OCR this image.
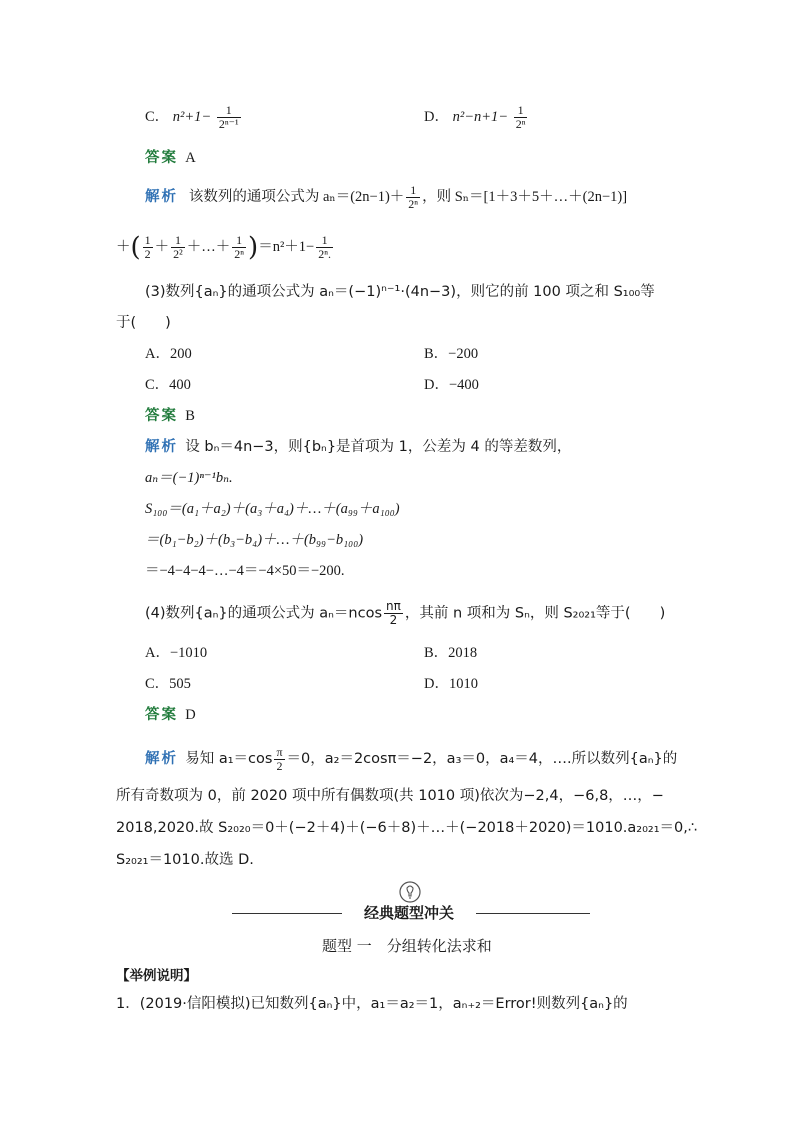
C． $n^2+1- \frac{1}{\text{2ⁿ⁻¹}}$	D． $n^2-n+1- \frac{1}{\text{2ⁿ}}$
答案 A
解析 该数列的通项公式为 $a_n=(2n-1)+ \frac{1}{\text{2ⁿ}}$ ，则 Sₙ＝[1＋3＋5＋…＋(2n−1)]
＋( $\frac{1}{2} + \frac{1}{\text{2²}}$ ＋…＋ $\frac{1}{\text{2ⁿ}} )=n^2+1- \frac{1}{\text{2ⁿ.}}$
(3)数列{aₙ}的通项公式为 aₙ＝(−1)ⁿ⁻¹·(4n−3)，则它的前 100 项之和 S₁₀₀等
于(　　)
A．200	B．−200
C．400	D．−400
答案 B
解析 设 bₙ＝4n−3，则{bₙ}是首项为 1，公差为 4 的等差数列，
aₙ＝(−1)ⁿ⁻¹bₙ.
S₁₀₀＝(a₁＋a₂)＋(a₃＋a₄)＋…＋(a₉₉＋a₁₀₀)
＝(b₁−b₂)＋(b₃−b₄)＋…＋(b₉₉−b₁₀₀)
＝−4−4−4−…−4＝−4×50＝−200.
(4)数列{aₙ}的通项公式为 $a_n=ncos \frac{n\pi}{2}$ ，其前 n 项和为 Sₙ，则 S₂₀₂₁等于(　　)
A．−1010	B．2018
C．505	D．1010
答案 D
解析 易知 $a_1=\cos \frac{\pi}{2} =0$，a₂＝2cosπ＝−2，a₃＝0，a₄＝4，….所以数列{aₙ}的
所有奇数项为 0，前 2020 项中所有偶数项(共 1010 项)依次为−2,4，−6,8，…，−
2018,2020.故 S₂₀₂₀＝0＋(−2＋4)＋(−6＋8)＋…＋(−2018＋2020)＝1010.a₂₀₂₁＝0,∴
S₂₀₂₁＝1010.故选 D.
经典题型冲关
题型 一　分组转化法求和
【举例说明】
1．(2019·信阳模拟)已知数列{aₙ}中，a₁＝a₂＝1，aₙ₊₂＝Error!则数列{aₙ}的
